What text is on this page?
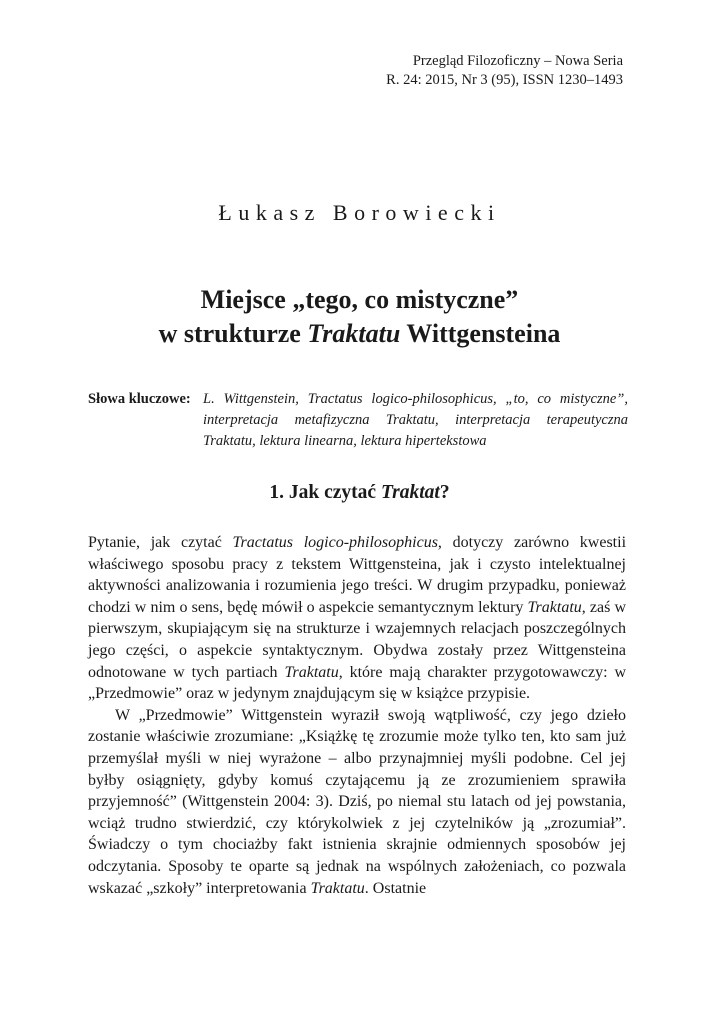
Przegląd Filozoficzny – Nowa Seria
R. 24: 2015, Nr 3 (95), ISSN 1230–1493
Łukasz Borowiecki
Miejsce „tego, co mistyczne”
w strukturze Traktatu Wittgensteina
Słowa kluczowe: L. Wittgenstein, Tractatus logico-philosophicus, „to, co mistyczne”, interpretacja metafizyczna Traktatu, interpretacja terapeutyczna Traktatu, lektura linearna, lektura hipertekstowa
1. Jak czytać Traktat?

Pytanie, jak czytać Tractatus logico-philosophicus, dotyczy zarówno kwestii właściwego sposobu pracy z tekstem Wittgensteina, jak i czysto intelektualnej aktywności analizowania i rozumienia jego treści. W drugim przypadku, ponieważ chodzi w nim o sens, będę mówił o aspekcie semantycznym lektury Traktatu, zaś w pierwszym, skupiającym się na strukturze i wzajemnych relacjach poszczególnych jego części, o aspekcie syntaktycznym. Obydwa zostały przez Wittgensteina odnotowane w tych partiach Traktatu, które mają charakter przygotowawczy: w „Przedmowie” oraz w jedynym znajdującym się w książce przypisie.

W „Przedmowie” Wittgenstein wyraził swoją wątpliwość, czy jego dzieło zostanie właściwie zrozumiane: „Książkę tę zrozumie może tylko ten, kto sam już przemyślał myśli w niej wyrażone – albo przynajmniej myśli podobne. Cel jej byłby osiągnięty, gdyby komuś czytającemu ją ze zrozumieniem sprawiła przyjemność” (Wittgenstein 2004: 3). Dziś, po niemal stu latach od jej powstania, wciąż trudno stwierdzić, czy którykolwiek z jej czytelników ją „zrozumiał”. Świadczy o tym chociażby fakt istnienia skrajnie odmiennych sposobów jej odczytania. Sposoby te oparte są jednak na wspólnych założeniach, co pozwala wskazać „szkoły” interpretowania Traktatu. Ostatnie
